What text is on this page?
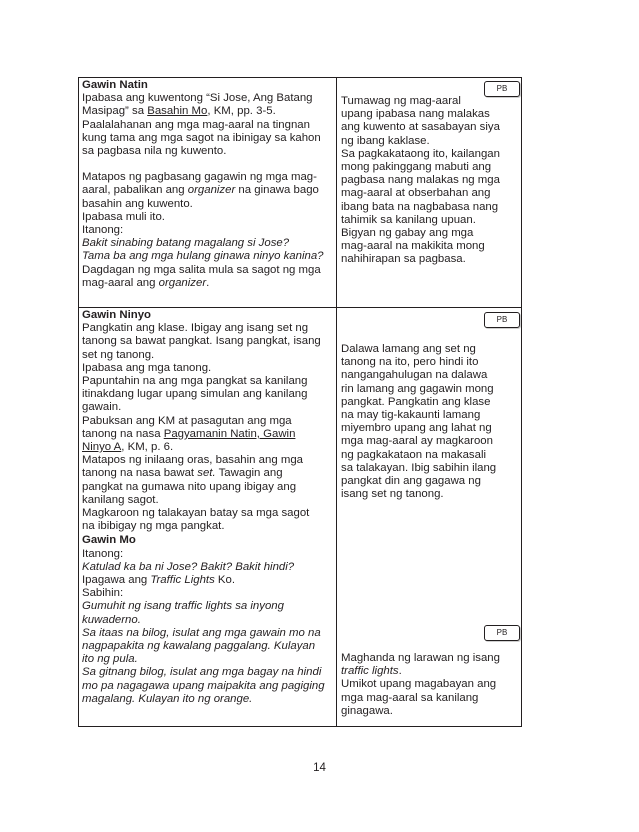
Gawin Natin
Ipabasa ang kuwentong “Si Jose, Ang Batang
Masipag” sa Basahin Mo, KM, pp. 3-5.
Paalalahanan ang mga mag-aaral na tingnan
kung tama ang mga sagot na ibinigay sa kahon
sa pagbasa nila ng kuwento.
Matapos ng pagbasang gagawin ng mga mag-
aaral, pabalikan ang organizer na ginawa bago
basahin ang kuwento.
Ipabasa muli ito.
Itanong:
Bakit sinabing batang magalang si Jose?
Tama ba ang mga hulang ginawa ninyo kanina?
Dagdagan ng mga salita mula sa sagot ng mga
mag-aaral ang organizer.
PB
Tumawag ng mag-aaral
upang ipabasa nang malakas
ang kuwento at sasabayan siya
ng ibang kaklase.
Sa pagkakataong ito, kailangan
mong pakinggang mabuti ang
pagbasa nang malakas ng mga
mag-aaral at obserbahan ang
ibang bata na nagbabasa nang
tahimik sa kanilang upuan.
Bigyan ng gabay ang mga
mag-aaral na makikita mong
nahihirapan sa pagbasa.
Gawin Ninyo
Pangkatin ang klase. Ibigay ang isang set ng
tanong sa bawat pangkat. Isang pangkat, isang
set ng tanong.
Ipabasa ang mga tanong.
Papuntahin na ang mga pangkat sa kanilang
itinakdang lugar upang simulan ang kanilang
gawain.
Pabuksan ang KM at pasagutan ang mga
tanong na nasa Pagyamanin Natin, Gawin
Ninyo A, KM, p. 6.
Matapos ng inilaang oras, basahin ang mga
tanong na nasa bawat set. Tawagin ang
pangkat na gumawa nito upang ibigay ang
kanilang sagot.
Magkaroon ng talakayan batay sa mga sagot
na ibibigay ng mga pangkat.
Gawin Mo
Itanong:
Katulad ka ba ni Jose? Bakit? Bakit hindi?
Ipagawa ang Traffic Lights Ko.
Sabihin:
Gumuhit ng isang traffic lights sa inyong
kuwaderno.
Sa itaas na bilog, isulat ang mga gawain mo na
nagpapakita ng kawalang paggalang. Kulayan
ito ng pula.
Sa gitnang bilog, isulat ang mga bagay na hindi
mo pa nagagawa upang maipakita ang pagiging
magalang. Kulayan ito ng orange.
PB
Dalawa lamang ang set ng
tanong na ito, pero hindi ito
nangangahulugan na dalawa
rin lamang ang gagawin mong
pangkat. Pangkatin ang klase
na may tig-kakaunti lamang
miyembro upang ang lahat ng
mga mag-aaral ay magkaroon
ng pagkakataon na makasali
sa talakayan. Ibig sabihin ilang
pangkat din ang gagawa ng
isang set ng tanong.
PB
Maghanda ng larawan ng isang
traffic lights.
Umikot upang magabayan ang
mga mag-aaral sa kanilang
ginagawa.
14
